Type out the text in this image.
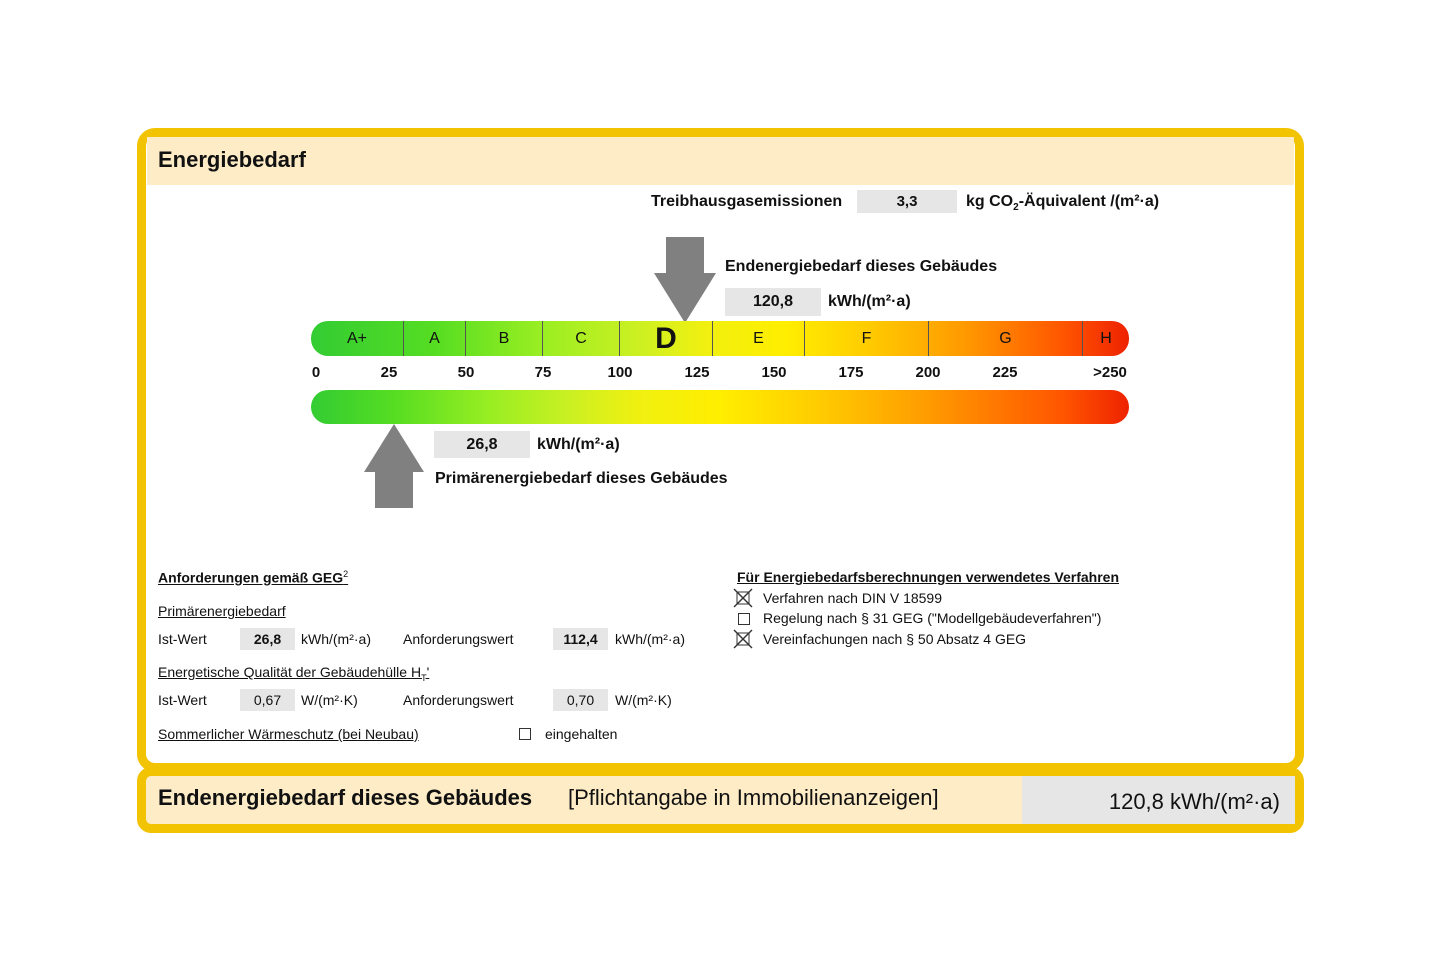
Energiebedarf
Treibhausgasemissionen	3,3	kg $CO_2$-Äquivalent /(m²·a)
Endenergiebedarf dieses Gebäudes
120,8	kWh/(m²·a)
A+	A	B	C	D	E	F	G	H
0	25	50	75	100	125	150	175	200	225	>250
26,8	kWh/(m²·a)
Primärenergiebedarf dieses Gebäudes
Anforderungen gemäß GEG$^2$
Primärenergiebedarf
Ist-Wert	26,8	kWh/(m²·a) Anforderungswert	112,4	kWh/(m²·a)
Energetische Qualität der Gebäudehülle $H_T'$
Ist-Wert	0,67	W/(m²·K)	Anforderungswert	0,70	W/(m²·K)
Sommerlicher Wärmeschutz (bei Neubau)	eingehalten
Für Energiebedarfsberechnungen verwendetes Verfahren
Verfahren nach DIN V 18599
Regelung nach § 31 GEG ("Modellgebäudeverfahren")
Vereinfachungen nach § 50 Absatz 4 GEG
Endenergiebedarf dieses Gebäudes [Pflichtangabe in Immobilienanzeigen]	120,8 kWh/(m²·a)
